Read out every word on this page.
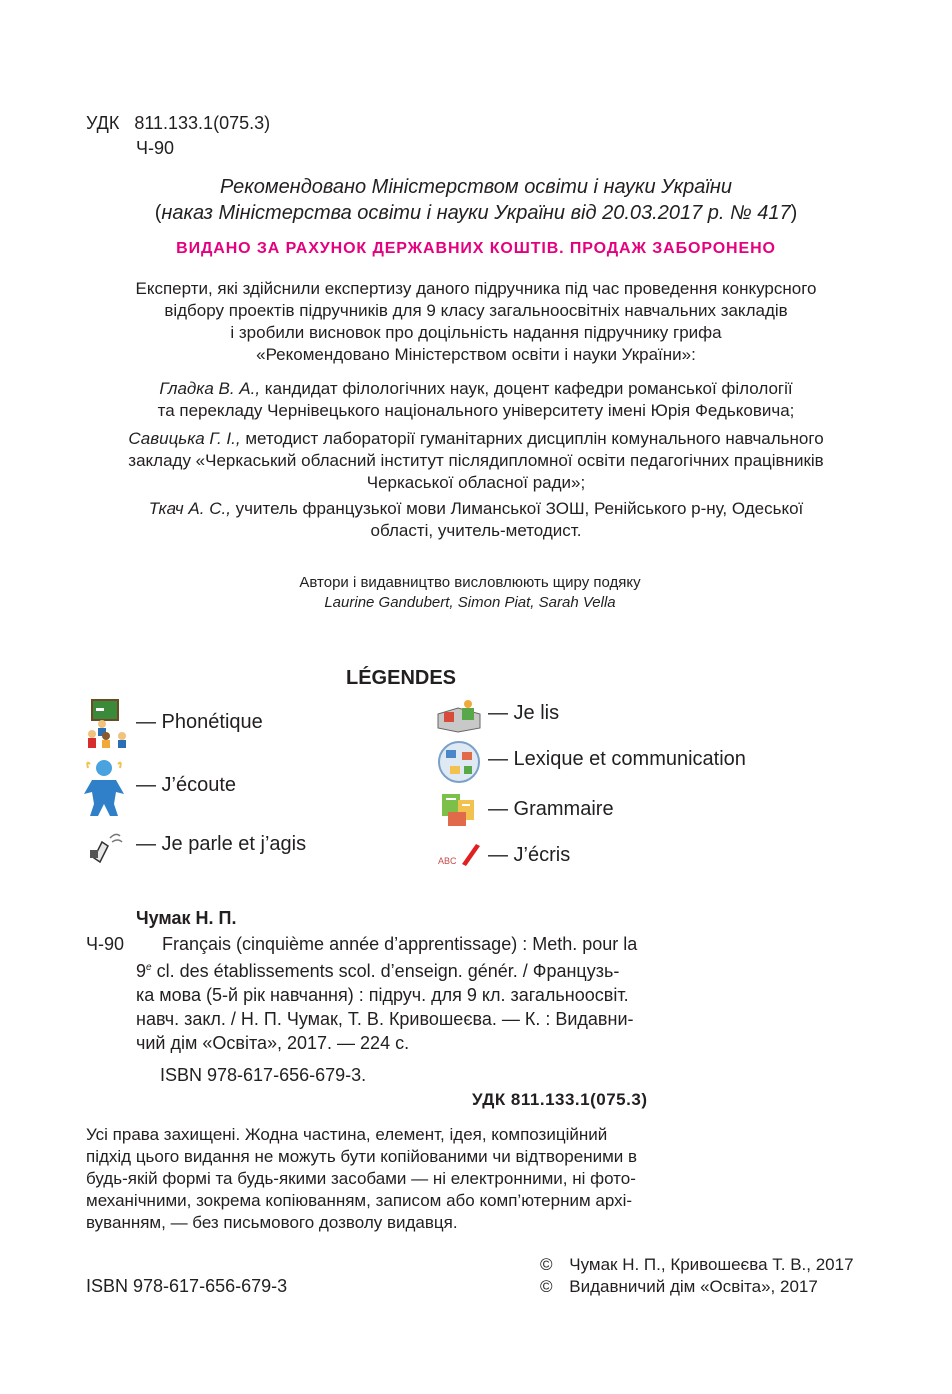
УДК 811.133.1(075.3)
Ч-90
Рекомендовано Міністерством освіти і науки України
(наказ Міністерства освіти і науки України від 20.03.2017 р. № 417)
ВИДАНО ЗА РАХУНОК ДЕРЖАВНИХ КОШТІВ. ПРОДАЖ ЗАБОРОНЕНО
Експерти, які здійснили експертизу даного підручника під час проведення конкурсного
відбору проектів підручників для 9 класу загальноосвітніх навчальних закладів
і зробили висновок про доцільність надання підручнику грифа
«Рекомендовано Міністерством освіти і науки України»:
Гладка В. А., кандидат філологічних наук, доцент кафедри романської філології
та перекладу Чернівецького національного університету імені Юрія Федьковича;
Савицька Г. І., методист лабораторії гуманітарних дисциплін комунального навчального
закладу «Черкаський обласний інститут післядипломної освіти педагогічних працівників
Черкаської обласної ради»;
Ткач А. С., учитель французької мови Лиманської ЗОШ, Ренійського р-ну, Одеської
області, учитель-методист.
Автори і видавництво висловлюють щиру подяку
Laurine Gandubert, Simon Piat, Sarah Vella
LÉGENDES
— Phonétique
— J’écoute
— Je parle et j’agis
— Je lis
— Lexique et communication
— Grammaire
ABC — J’écris
Чумак Н. П.
Ч-90	Français (cinquième année d’apprentissage) : Meth. pour la
9e cl. des établissements scol. d’enseign. génér. / Французь-
ка мова (5-й рік навчання) : підруч. для 9 кл. загальноосвіт.
навч. закл. / Н. П. Чумак, Т. В. Кривошеєва. — К. : Видавни-
чий дім «Освіта», 2017. — 224 с.
ISBN 978-617-656-679-3.
УДК 811.133.1(075.3)
Усі права захищені. Жодна частина, елемент, ідея, композиційний
підхід цього видання не можуть бути копійованими чи відтвореними в
будь-якій формі та будь-якими засобами — ні електронними, ні фото-
механічними, зокрема копіюванням, записом або комп’ютерним архі-
вуванням, — без письмового дозволу видавця.
© Чумак Н. П., Кривошеєва Т. В., 2017
© Видавничий дім «Освіта», 2017
ISBN 978-617-656-679-3
